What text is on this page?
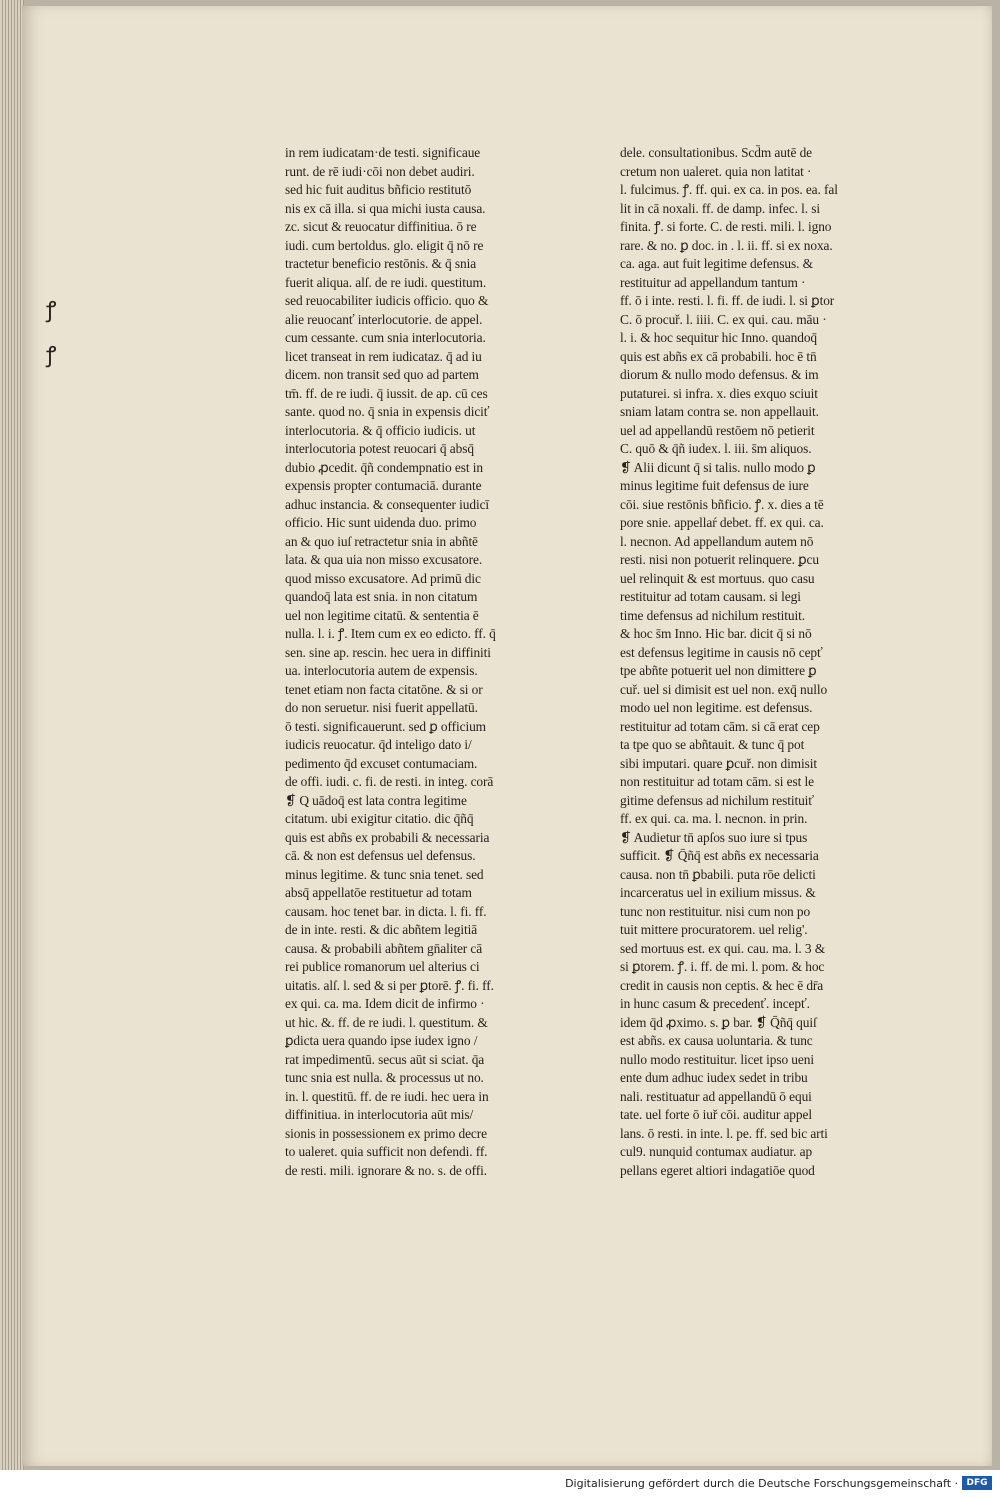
ꝭ
ꝭ
in rem iudicatam·de testi. significaue
runt. de rē iudi·cōi non debet audiri.
sed hic fuit auditus bñficio restitutō
nis ex cā illa. si qua michi iusta causa.
zc. sicut & reuocatur diffinitiua. ō re
iudi. cum bertoldus. glo. eligit q̄ nō re
tractetur beneficio restōnis. & q̄ snia
fuerit aliqua. alſ. de re iudi. questitum.
sed reuocabiliter iudicis officio. quo &
alie reuocanť interlocutorie. de appel.
cum cessante. cum snia interlocutoria.
licet transeat in rem iudicataz. q̄ ad iu
dicem. non transit sed quo ad partem
tm̄. ff. de re iudi. q̄ iussit. de ap. cū ces
sante. quod no. q̄ snia in expensis diciť
interlocutoria. & q̄ officio iudicis. ut
interlocutoria potest reuocari q̄ absq̄
dubio ꝓcedit. q̄ñ condempnatio est in
expensis propter contumaciā. durante
adhuc instancia. & consequenter iudicī
officio. Hic sunt uidenda duo. primo
an & quo iuſ retractetur snia in abñtē
lata. & qua uia non misso excusatore.
quod misso excusatore. Ad primū dic
quandoq̄ lata est snia. in non citatum
uel non legitime citatū. & sententia ē
nulla. l. i. ꝭ. Item cum ex eo edicto. ff. q̄
sen. sine ap. rescin. hec uera in diffiniti
ua. interlocutoria autem de expensis.
tenet etiam non facta citatōne. & si or
do non seruetur. nisi fuerit appellatū.
ō testi. significauerunt. sed ꝑ officium
iudicis reuocatur. q̄d inteligo dato i/
pedimento q̄d excuset contumaciam.
de offi. iudi. c. fi. de resti. in integ. corā
❡ Q uādoq̄ est lata contra legitime
citatum. ubi exigitur citatio. dic q̄ñq̄
quis est abñs ex probabili & necessaria
cā. & non est defensus uel defensus.
minus legitime. & tunc snia tenet. sed
absq̄ appellatōe restituetur ad totam
causam. hoc tenet bar. in dicta. l. fi. ff.
de in inte. resti. & dic abñtem legitiā
causa. & probabili abñtem gn̄aliter cā
rei publice romanorum uel alterius ci
uitatis. alſ. l. sed & si per ꝑtorē. ꝭ. fi. ff.
ex qui. ca. ma. Idem dicit de infirmo ·
ut hic. &. ff. de re iudi. l. questitum. &
ꝑdicta uera quando ipse iudex igno /
rat impedimentū. secus aūt si sciat. q̄a
tunc snia est nulla. & processus ut no.
in. l. questitū. ff. de re iudi. hec uera in
diffinitiua. in interlocutoria aūt mis/
sionis in possessionem ex primo decre
to ualeret. quia sufficit non defendi. ff.
de resti. mili. ignorare & no. s. de offi.
dele. consultationibus. Scd̄m autē de
cretum non ualeret. quia non latitat ·
l. fulcimus. ꝭ. ff. qui. ex ca. in pos. ea. fal
lit in cā noxali. ff. de damp. infec. l. si
finita. ꝭ. si forte. C. de resti. mili. l. igno
rare. & no. ꝑ doc. in . l. ii. ff. si ex noxa.
ca. aga. aut fuit legitime defensus. &
restituitur ad appellandum tantum ·
ff. ō i inte. resti. l. fi. ff. de iudi. l. si ꝑtor
C. ō procuř. l. iiii. C. ex qui. cau. māu ·
l. i. & hoc sequitur hic Inno. quandoq̄
quis est abñs ex cā probabili. hoc ē tn̄
diorum & nullo modo defensus. & im
putaturei. si infra. x. dies exquo sciuit
sniam latam contra se. non appellauit.
uel ad appellandū restōem nō petierit
C. quō & q̄ñ iudex. l. iii. s̄m aliquos.
❡ Alii dicunt q̄ si talis. nullo modo ꝑ
minus legitime fuit defensus de iure
cōi. siue restōnis bñficio. ꝭ. x. dies a tē
pore snie. appellaŕ debet. ff. ex qui. ca.
l. necnon. Ad appellandum autem nō
resti. nisi non potuerit relinquere. ꝑcu
uel relinquit & est mortuus. quo casu
restituitur ad totam causam. si legi
time defensus ad nichilum restituit.
& hoc s̄m Inno. Hic bar. dicit q̄ si nō
est defensus legitime in causis nō cepť
tpe abñte potuerit uel non dimittere ꝑ
cuř. uel si dimisit est uel non. exq̄ nullo
modo uel non legitime. est defensus.
restituitur ad totam cām. si cā erat cep
ta tpe quo se abñtauit. & tunc q̄ pot
sibi imputari. quare ꝑcuř. non dimisit
non restituitur ad totam cām. si est le
gitime defensus ad nichilum restituiť
ff. ex qui. ca. ma. l. necnon. in prin.
❡ Audietur tn̄ apſos suo iure si tpus
sufficit. ❡ Q̄ñq̄ est abñs ex necessaria
causa. non tn̄ ꝑbabili. puta rōe delicti
incarceratus uel in exilium missus. &
tunc non restituitur. nisi cum non po
tuit mittere procuratorem. uel relig'.
sed mortuus est. ex qui. cau. ma. l. 3 &
si ꝑtorem. ꝭ. i. ff. de mi. l. pom. & hoc
credit in causis non ceptis. & hec ē dr̄a
in hunc casum & precedenť. incepť.
idem q̄d ꝓximo. s. ꝑ bar. ❡ Q̄ñq̄ quiſ
est abñs. ex causa uoluntaria. & tunc
nullo modo restituitur. licet ipso ueni
ente dum adhuc iudex sedet in tribu
nali. restituatur ad appellandū ō equi
tate. uel forte ō iuř cōi. auditur appel
lans. ō resti. in inte. l. pe. ff. sed bic arti
cul9. nunquid contumax audiatur. ap
pellans egeret altiori indagatiōe quod
Digitalisierung gefördert durch die Deutsche Forschungsgemeinschaft · DFG
